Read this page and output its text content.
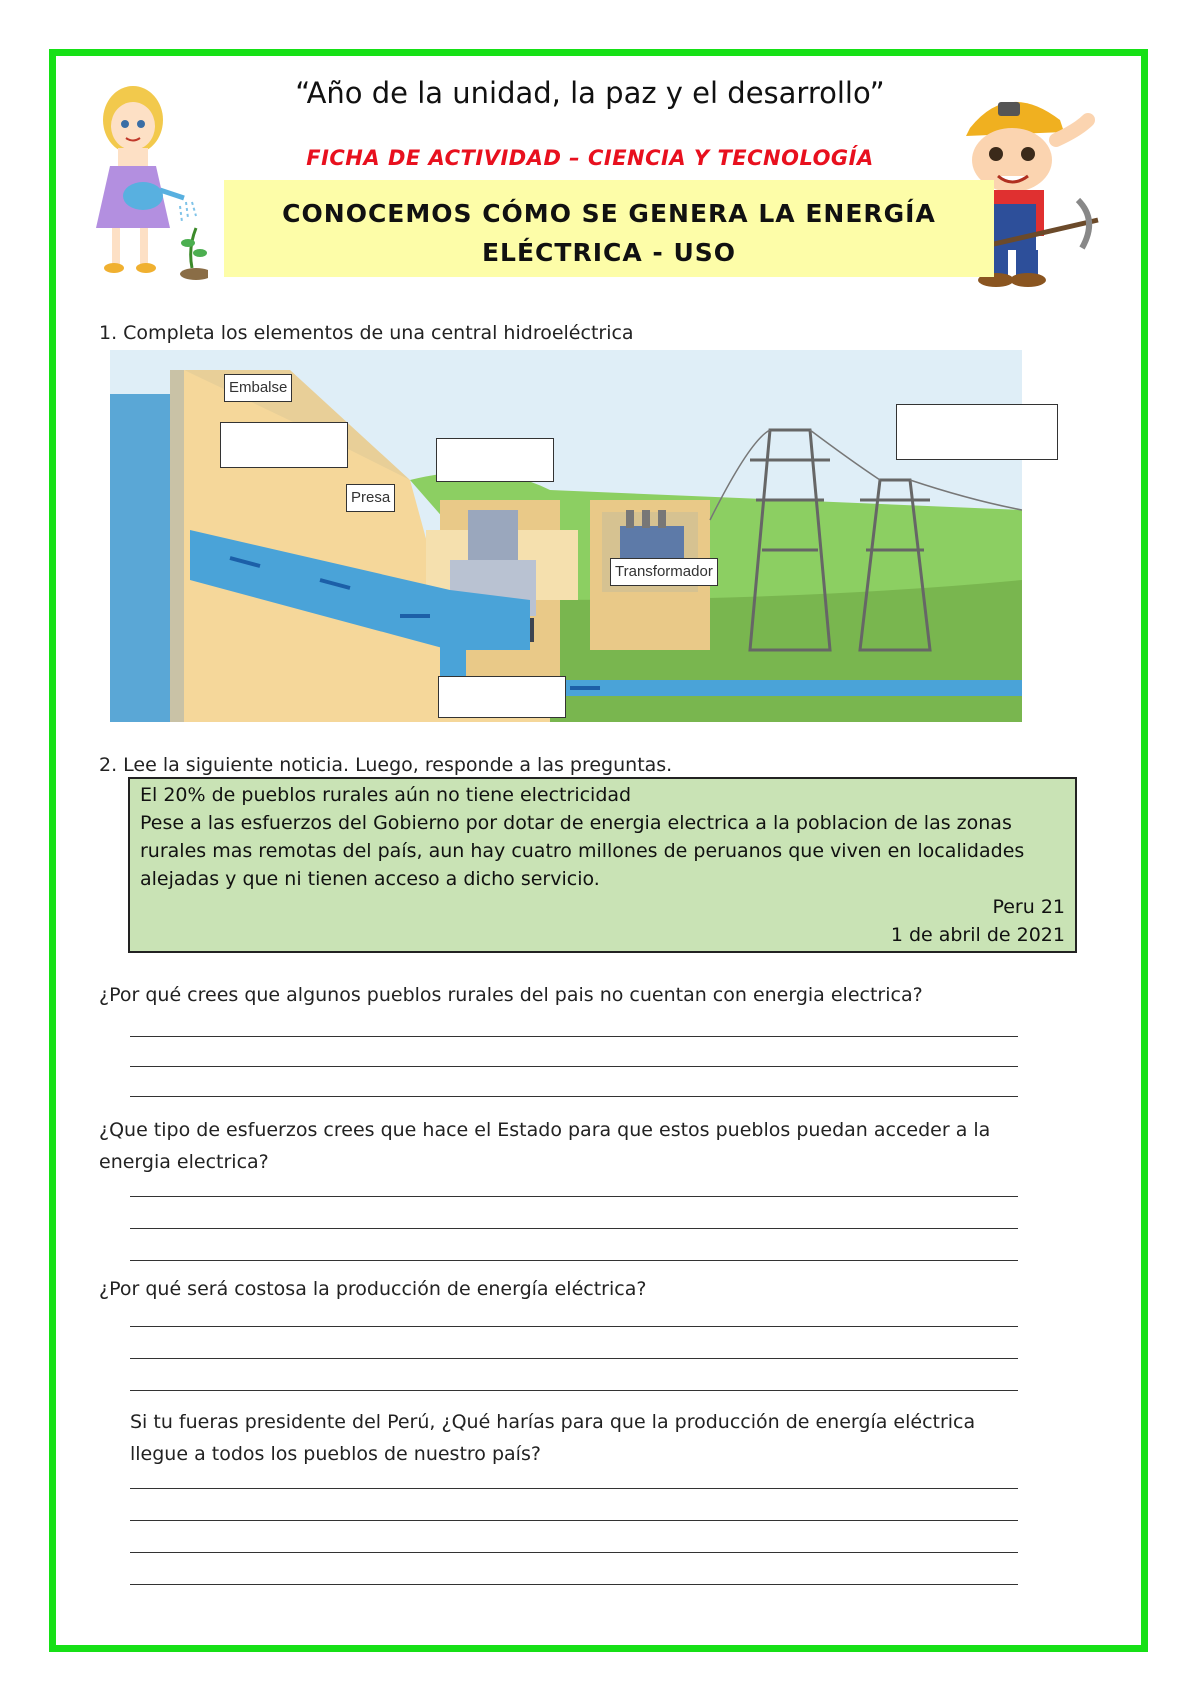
“Año de la unidad, la paz y el desarrollo”
FICHA DE ACTIVIDAD – CIENCIA Y TECNOLOGÍA
CONOCEMOS CÓMO SE GENERA LA ENERGÍA
ELÉCTRICA - USO
1. Completa los elementos de una central hidroeléctrica
Embalse
Presa
Transformador
2. Lee la siguiente noticia. Luego, responde a las preguntas.
El 20% de pueblos rurales aún no tiene electricidad
Pese a las esfuerzos del Gobierno por dotar de energia electrica a la poblacion de las zonas rurales mas remotas del país, aun hay cuatro millones de peruanos que viven en localidades alejadas y que ni tienen acceso a dicho servicio.
Peru 21
1 de abril de 2021
¿Por qué crees que algunos pueblos rurales del pais no cuentan con energia electrica?
¿Que tipo de esfuerzos crees que hace el Estado para que estos pueblos puedan acceder a la energia electrica?
¿Por qué será costosa la producción de energía eléctrica?
Si tu fueras presidente del Perú, ¿Qué harías para que la producción de energía eléctrica llegue a todos los pueblos de nuestro país?
